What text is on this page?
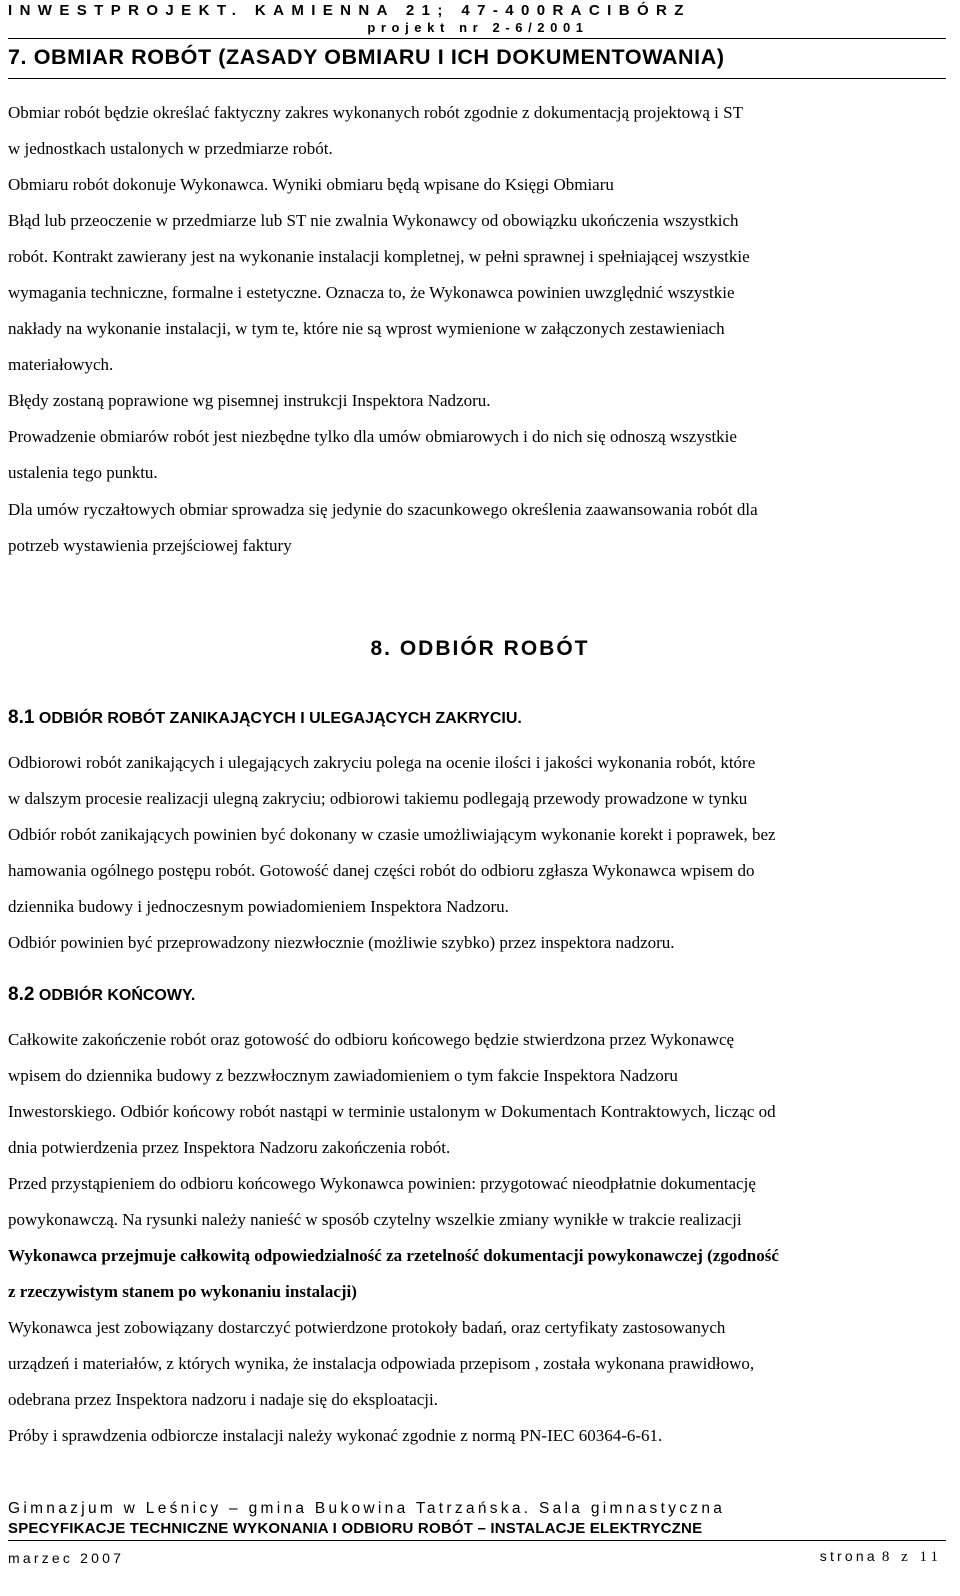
INWESTPROJEKT. KAMIENNA 21; 47-400RACIBÓRZ
projekt nr 2-6/2001
7. OBMIAR ROBÓT (ZASADY OBMIARU I ICH DOKUMENTOWANIA)
Obmiar robót będzie określać faktyczny zakres wykonanych robót zgodnie z dokumentacją projektową i ST
w jednostkach ustalonych w przedmiarze robót.
Obmiaru robót dokonuje Wykonawca. Wyniki obmiaru będą wpisane do Księgi Obmiaru
Błąd lub przeoczenie w przedmiarze lub ST nie zwalnia Wykonawcy od obowiązku ukończenia wszystkich
robót. Kontrakt zawierany jest na wykonanie instalacji kompletnej, w pełni sprawnej i spełniającej wszystkie
wymagania techniczne, formalne i estetyczne. Oznacza to, że Wykonawca powinien uwzględnić wszystkie
nakłady na wykonanie instalacji, w tym te, które nie są wprost wymienione w załączonych zestawieniach
materiałowych.
Błędy zostaną poprawione wg pisemnej instrukcji Inspektora Nadzoru.
Prowadzenie obmiarów robót jest niezbędne tylko dla umów obmiarowych i do nich się odnoszą wszystkie
ustalenia tego punktu.
Dla umów ryczałtowych obmiar sprowadza się jedynie do szacunkowego określenia zaawansowania robót dla
potrzeb wystawienia przejściowej faktury
8. ODBIÓR ROBÓT
8.1 ODBIÓR ROBÓT ZANIKAJĄCYCH I ULEGAJĄCYCH ZAKRYCIU.
Odbiorowi robót zanikających i ulegających zakryciu polega na ocenie ilości i jakości wykonania robót, które
w dalszym procesie realizacji ulegną zakryciu; odbiorowi takiemu podlegają przewody prowadzone w tynku
Odbiór robót zanikających powinien być dokonany w czasie umożliwiającym wykonanie korekt i poprawek, bez
hamowania ogólnego postępu robót. Gotowość danej części robót do odbioru zgłasza Wykonawca wpisem do
dziennika budowy i jednoczesnym powiadomieniem Inspektora Nadzoru.
Odbiór powinien być przeprowadzony niezwłocznie (możliwie szybko) przez inspektora nadzoru.
8.2 ODBIÓR KOŃCOWY.
Całkowite zakończenie robót oraz gotowość do odbioru końcowego będzie stwierdzona przez Wykonawcę
wpisem do dziennika budowy z bezzwłocznym zawiadomieniem o tym fakcie Inspektora Nadzoru
Inwestorskiego. Odbiór końcowy robót nastąpi w terminie ustalonym w Dokumentach Kontraktowych, licząc od
dnia potwierdzenia przez Inspektora Nadzoru zakończenia robót.
Przed przystąpieniem do odbioru końcowego Wykonawca powinien: przygotować nieodpłatnie dokumentację
powykonawczą. Na rysunki należy nanieść w sposób czytelny wszelkie zmiany wynikłe w trakcie realizacji
Wykonawca przejmuje całkowitą odpowiedzialność za rzetelność dokumentacji powykonawczej (zgodność
z rzeczywistym stanem po wykonaniu instalacji)
Wykonawca jest zobowiązany dostarczyć potwierdzone protokoły badań, oraz certyfikaty zastosowanych
urządzeń i materiałów, z których wynika, że instalacja odpowiada przepisom , została wykonana prawidłowo,
odebrana przez Inspektora nadzoru i nadaje się do eksploatacji.
Próby i sprawdzenia odbiorcze instalacji należy wykonać zgodnie z normą PN-IEC 60364-6-61.
Gimnazjum w Leśnicy – gmina Bukowina Tatrzańska. Sala gimnastyczna
SPECYFIKACJE TECHNICZNE WYKONANIA I ODBIORU ROBÓT – INSTALACJE ELEKTRYCZNE
marzec 2007	strona 8 z 11
